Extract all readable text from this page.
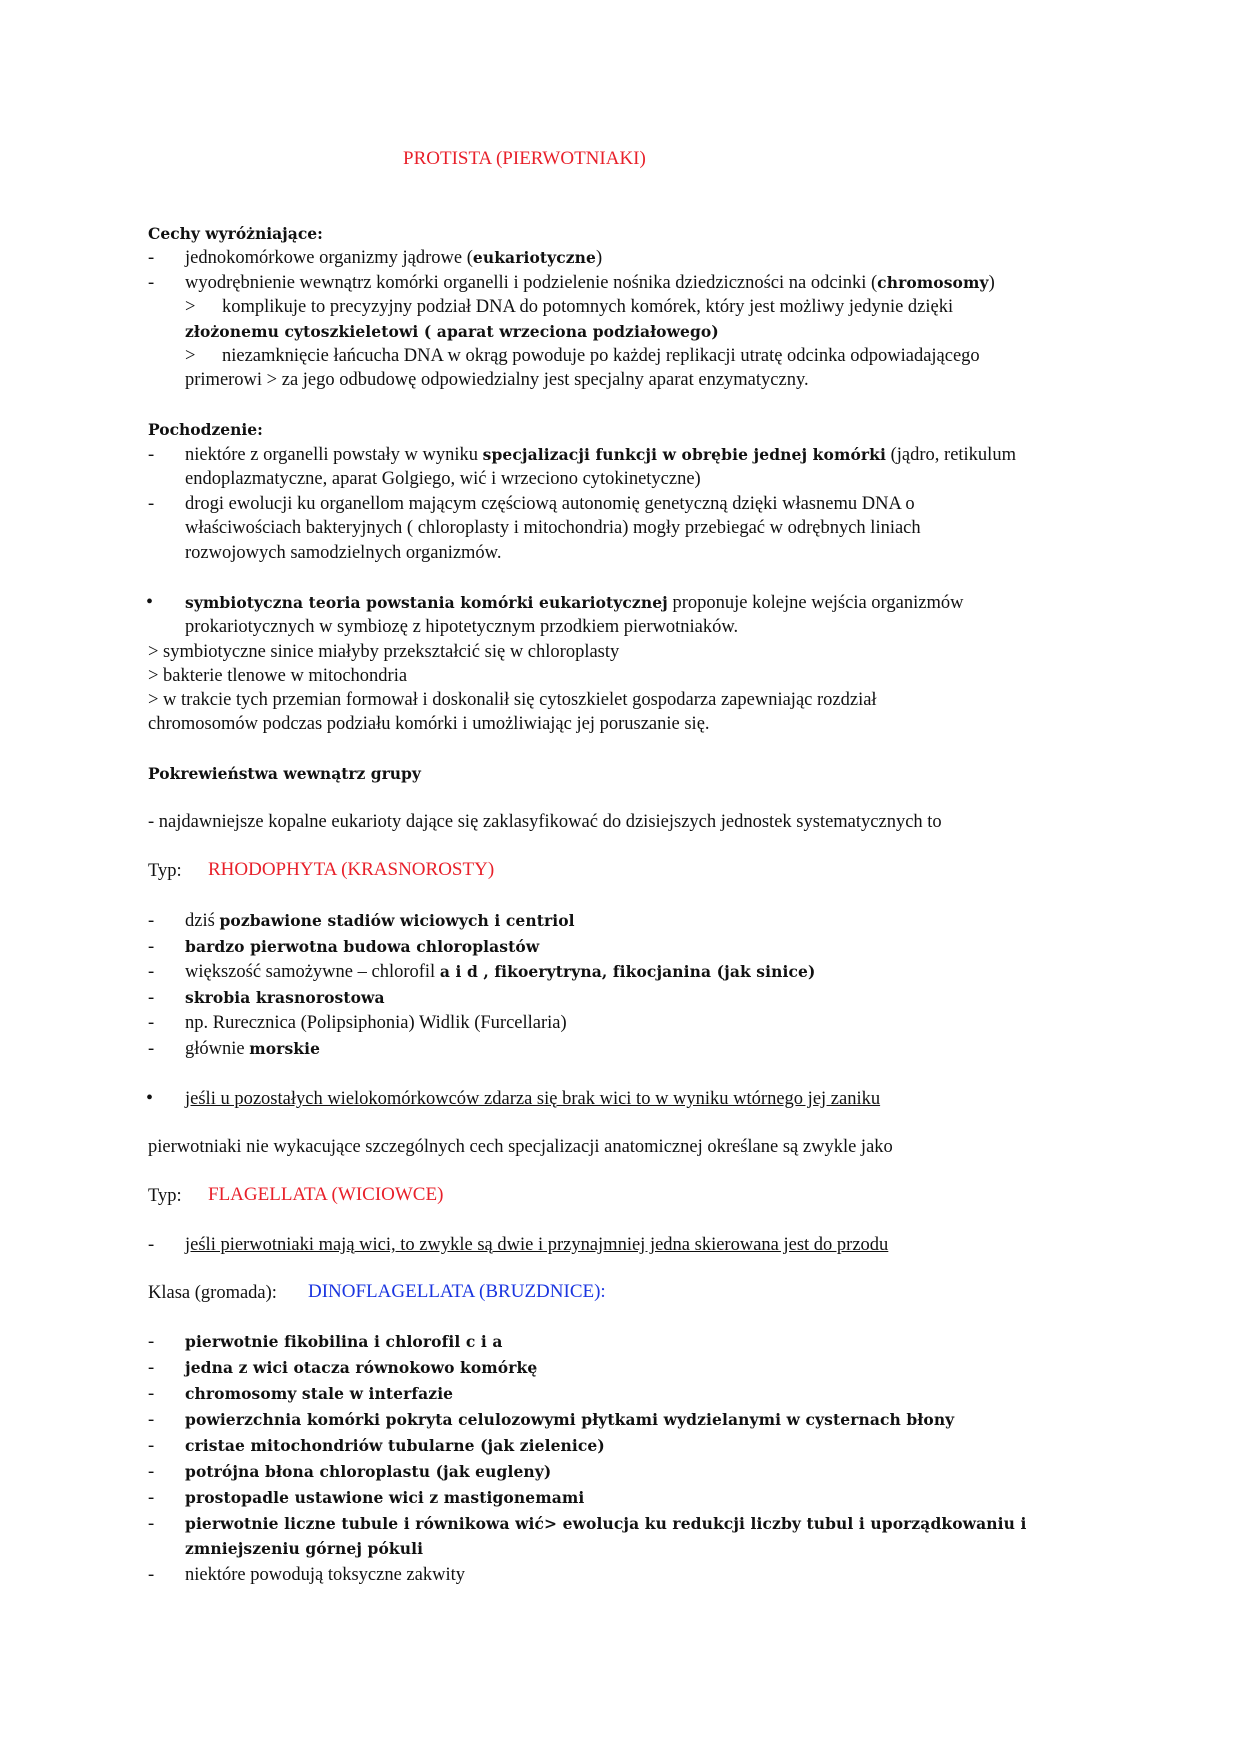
PROTISTA (PIERWOTNIAKI)
Cechy wyróżniające:
- jednokomórkowe organizmy jądrowe (eukariotyczne)
- wyodrębnienie wewnątrz komórki organelli i podzielenie nośnika dziedziczności na odcinki (chromosomy)
> komplikuje to precyzyjny podział DNA do potomnych komórek, który jest możliwy jedynie dzięki
złożonemu cytoszkieletowi ( aparat wrzeciona podziałowego)
> niezamknięcie łańcucha DNA w okrąg powoduje po każdej replikacji utratę odcinka odpowiadającego
primerowi > za jego odbudowę odpowiedzialny jest specjalny aparat enzymatyczny.
Pochodzenie:
- niektóre z organelli powstały w wyniku specjalizacji funkcji w obrębie jednej komórki (jądro, retikulum
endoplazmatyczne, aparat Golgiego, wić i wrzeciono cytokinetyczne)
- drogi ewolucji ku organellom mającym częściową autonomię genetyczną dzięki własnemu DNA o
właściwościach bakteryjnych ( chloroplasty i mitochondria) mogły przebiegać w odrębnych liniach
rozwojowych samodzielnych organizmów.
• symbiotyczna teoria powstania komórki eukariotycznej proponuje kolejne wejścia organizmów
prokariotycznych w symbiozę z hipotetycznym przodkiem pierwotniaków.
> symbiotyczne sinice miałyby przekształcić się w chloroplasty
> bakterie tlenowe w mitochondria
> w trakcie tych przemian formował i doskonalił się cytoszkielet gospodarza zapewniając rozdział
chromosomów podczas podziału komórki i umożliwiając jej poruszanie się.
Pokrewieństwa wewnątrz grupy
- najdawniejsze kopalne eukarioty dające się zaklasyfikować do dzisiejszych jednostek systematycznych to
Typ: RHODOPHYTA (KRASNOROSTY)
- dziś pozbawione stadiów wiciowych i centriol
- bardzo pierwotna budowa chloroplastów
- większość samożywne – chlorofil a i d , fikoerytryna, fikocjanina (jak sinice)
- skrobia krasnorostowa
- np. Rurecznica (Polipsiphonia) Widlik (Furcellaria)
- głównie morskie
• jeśli u pozostałych wielokomórkowców zdarza się brak wici to w wyniku wtórnego jej zaniku
pierwotniaki nie wykacujące szczególnych cech specjalizacji anatomicznej określane są zwykle jako
Typ: FLAGELLATA (WICIOWCE)
- jeśli pierwotniaki mają wici, to zwykle są dwie i przynajmniej jedna skierowana jest do przodu
Klasa (gromada): DINOFLAGELLATA (BRUZDNICE):
- pierwotnie fikobilina i chlorofil c i a
- jedna z wici otacza równokowo komórkę
- chromosomy stale w interfazie
- powierzchnia komórki pokryta celulozowymi płytkami wydzielanymi w cysternach błony
- cristae mitochondriów tubularne (jak zielenice)
- potrójna błona chloroplastu (jak eugleny)
- prostopadle ustawione wici z mastigonemami
- pierwotnie liczne tubule i równikowa wić> ewolucja ku redukcji liczby tubul i uporządkowaniu i
zmniejszeniu górnej pókuli
- niektóre powodują toksyczne zakwity
